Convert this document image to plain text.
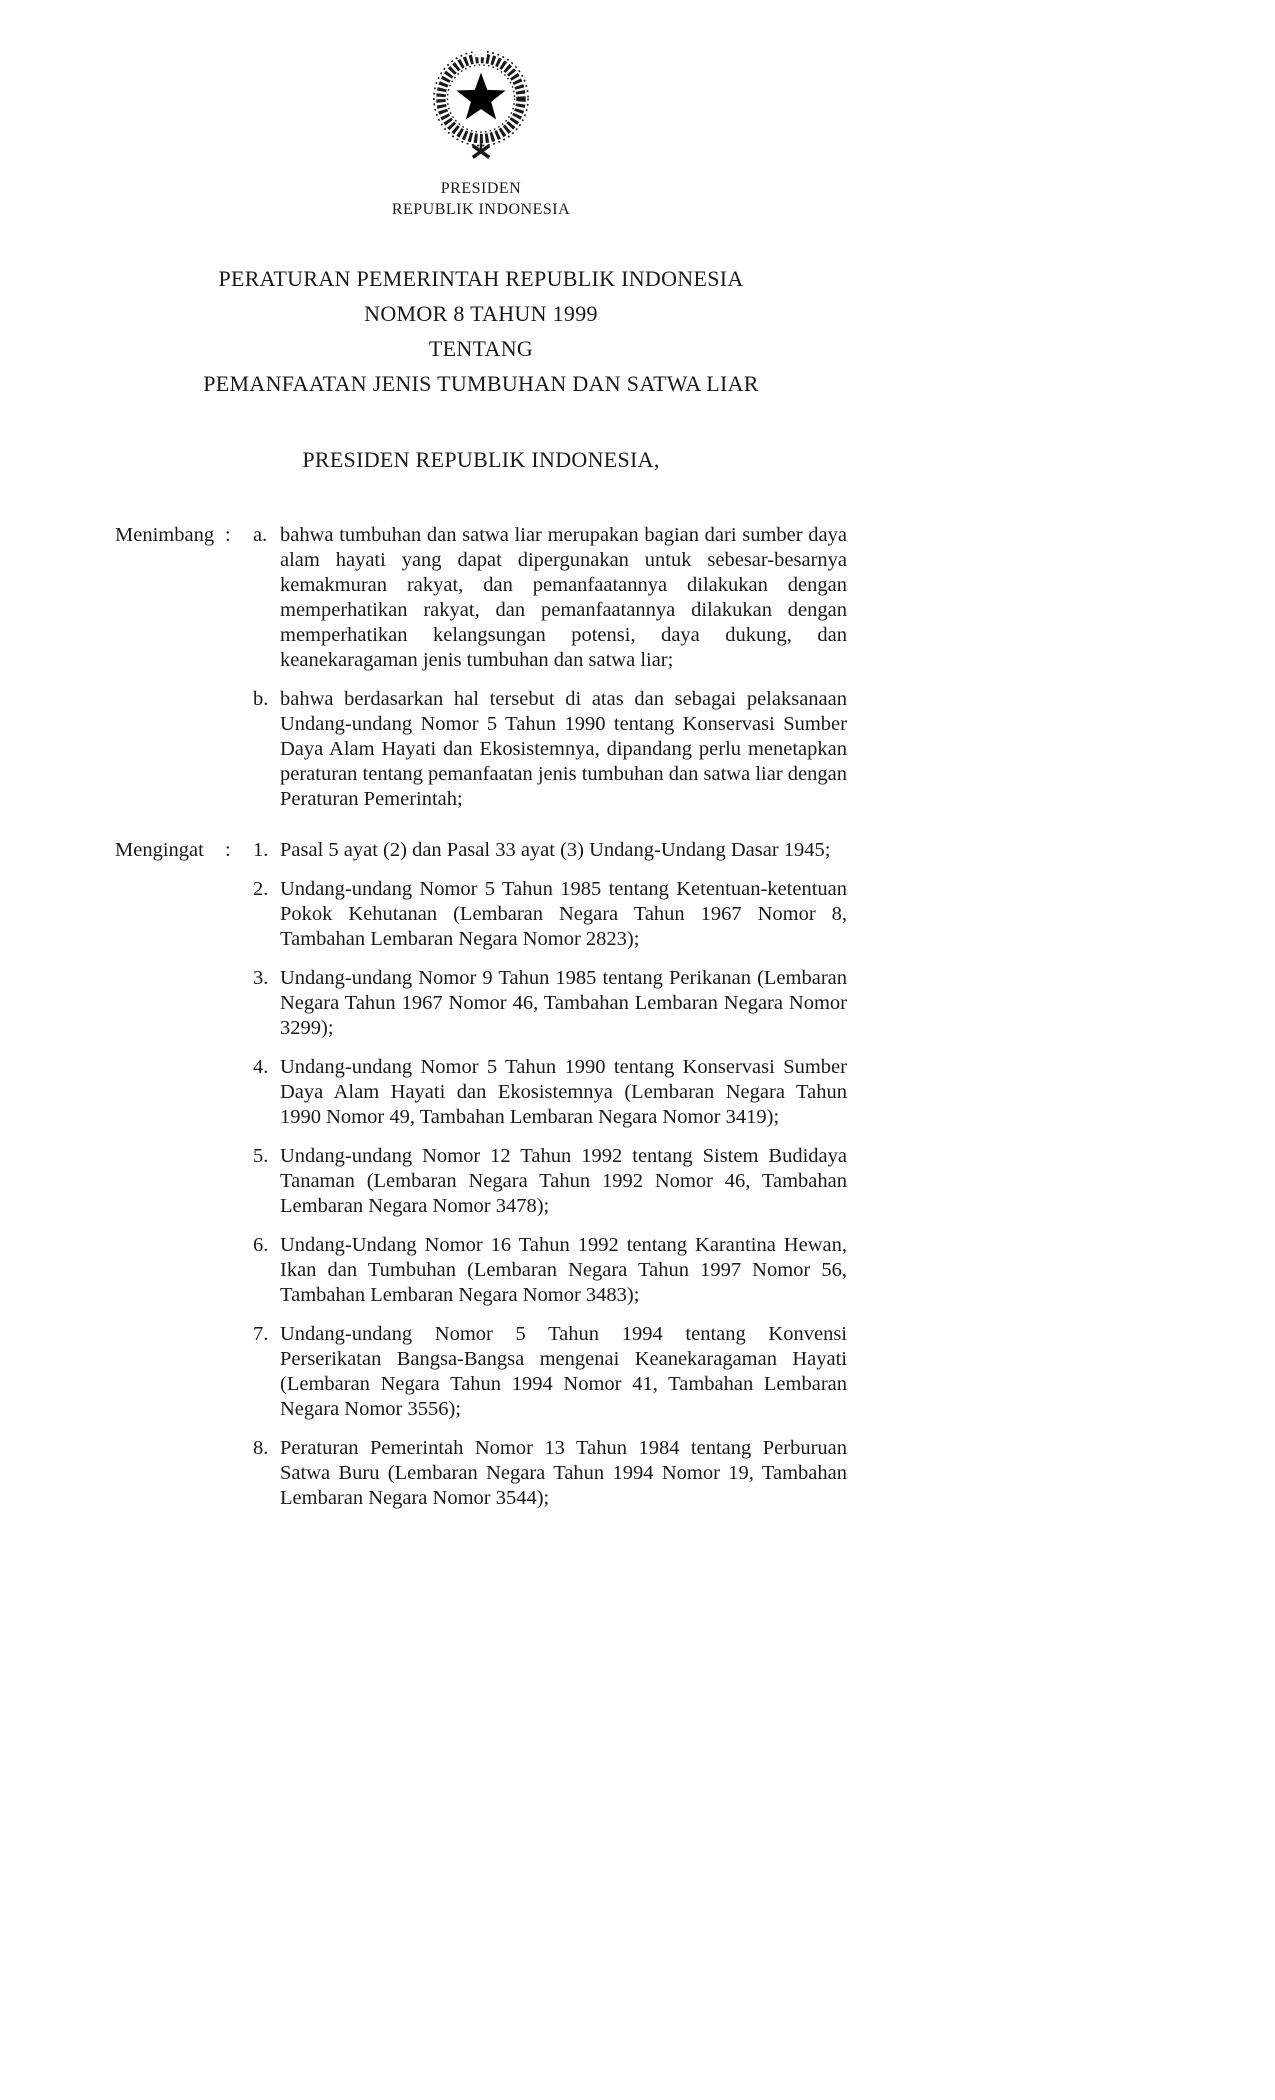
PRESIDEN
REPUBLIK INDONESIA
PERATURAN PEMERINTAH REPUBLIK INDONESIA
NOMOR 8 TAHUN 1999
TENTANG
PEMANFAATAN JENIS TUMBUHAN DAN SATWA LIAR
PRESIDEN REPUBLIK INDONESIA,
Menimbang :	a. bahwa tumbuhan dan satwa liar merupakan bagian dari sumber daya alam hayati yang dapat dipergunakan untuk sebesar-besarnya kemakmuran rakyat, dan pemanfaatannya dilakukan dengan memperhatikan rakyat, dan pemanfaatannya dilakukan dengan memperhatikan kelangsungan potensi, daya dukung, dan keanekaragaman jenis tumbuhan dan satwa liar;
b. bahwa berdasarkan hal tersebut di atas dan sebagai pelaksanaan Undang-undang Nomor 5 Tahun 1990 tentang Konservasi Sumber Daya Alam Hayati dan Ekosistemnya, dipandang perlu menetapkan peraturan tentang pemanfaatan jenis tumbuhan dan satwa liar dengan Peraturan Pemerintah;
Mengingat	:	1. Pasal 5 ayat (2) dan Pasal 33 ayat (3) Undang-Undang Dasar 1945;
2. Undang-undang Nomor 5 Tahun 1985 tentang Ketentuan-ketentuan Pokok Kehutanan (Lembaran Negara Tahun 1967 Nomor 8, Tambahan Lembaran Negara Nomor 2823);
3. Undang-undang Nomor 9 Tahun 1985 tentang Perikanan (Lembaran Negara Tahun 1967 Nomor 46, Tambahan Lembaran Negara Nomor 3299);
4. Undang-undang Nomor 5 Tahun 1990 tentang Konservasi Sumber Daya Alam Hayati dan Ekosistemnya (Lembaran Negara Tahun 1990 Nomor 49, Tambahan Lembaran Negara Nomor 3419);
5. Undang-undang Nomor 12 Tahun 1992 tentang Sistem Budidaya Tanaman (Lembaran Negara Tahun 1992 Nomor 46, Tambahan Lembaran Negara Nomor 3478);
6. Undang-Undang Nomor 16 Tahun 1992 tentang Karantina Hewan, Ikan dan Tumbuhan (Lembaran Negara Tahun 1997 Nomor 56, Tambahan Lembaran Negara Nomor 3483);
7. Undang-undang Nomor 5 Tahun 1994 tentang Konvensi Perserikatan Bangsa-Bangsa mengenai Keanekaragaman Hayati (Lembaran Negara Tahun 1994 Nomor 41, Tambahan Lembaran Negara Nomor 3556);
8. Peraturan Pemerintah Nomor 13 Tahun 1984 tentang Perburuan Satwa Buru (Lembaran Negara Tahun 1994 Nomor 19, Tambahan Lembaran Negara Nomor 3544);
